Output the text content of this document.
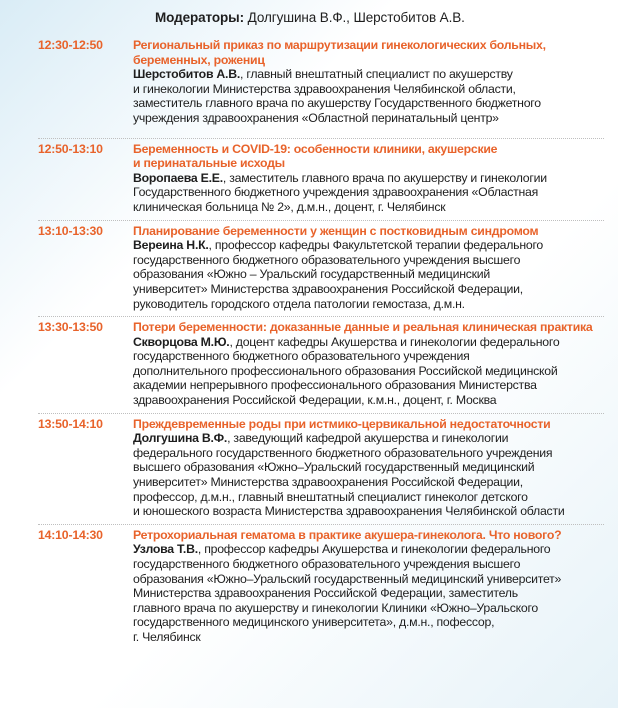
Модераторы: Долгушина В.Ф., Шерстобитов А.В.
12:30-12:50 Региональный приказ по маршрутизации гинекологических больных,
беременных, рожениц
Шерстобитов А.В., главный внештатный специалист по акушерству
и гинекологии Министерства здравоохранения Челябинской области,
заместитель главного врача по акушерству Государственного бюджетного
учреждения здравоохранения «Областной перинатальный центр»
12:50-13:10 Беременность и COVID-19: особенности клиники, акушерские
и перинатальные исходы
Воропаева Е.Е., заместитель главного врача по акушерству и гинекологии
Государственного бюджетного учреждения здравоохранения «Областная
клиническая больница № 2», д.м.н., доцент, г. Челябинск
13:10-13:30 Планирование беременности у женщин с постковидным синдромом
Вереина Н.К., профессор кафедры Факультетской терапии федерального
государственного бюджетного образовательного учреждения высшего
образования «Южно – Уральский государственный медицинский
университет» Министерства здравоохранения Российской Федерации,
руководитель городского отдела патологии гемостаза, д.м.н.
13:30-13:50 Потери беременности: доказанные данные и реальная клиническая практика
Скворцова М.Ю., доцент кафедры Акушерства и гинекологии федерального
государственного бюджетного образовательного учреждения
дополнительного профессионального образования Российской медицинской
академии непрерывного профессионального образования Министерства
здравоохранения Российской Федерации, к.м.н., доцент, г. Москва
13:50-14:10 Преждевременные роды при истмико-цервикальной недостаточности
Долгушина В.Ф., заведующий кафедрой акушерства и гинекологии
федерального государственного бюджетного образовательного учреждения
высшего образования «Южно–Уральский государственный медицинский
университет» Министерства здравоохранения Российской Федерации,
профессор, д.м.н., главный внештатный специалист гинеколог детского
и юношеского возраста Министерства здравоохранения Челябинской области
14:10-14:30 Ретрохориальная гематома в практике акушера-гинеколога. Что нового?
Узлова Т.В., профессор кафедры Акушерства и гинекологии федерального
государственного бюджетного образовательного учреждения высшего
образования «Южно–Уральский государственный медицинский университет»
Министерства здравоохранения Российской Федерации, заместитель
главного врача по акушерству и гинекологии Клиники «Южно–Уральского
государственного медицинского университета», д.м.н., пофессор,
г. Челябинск
